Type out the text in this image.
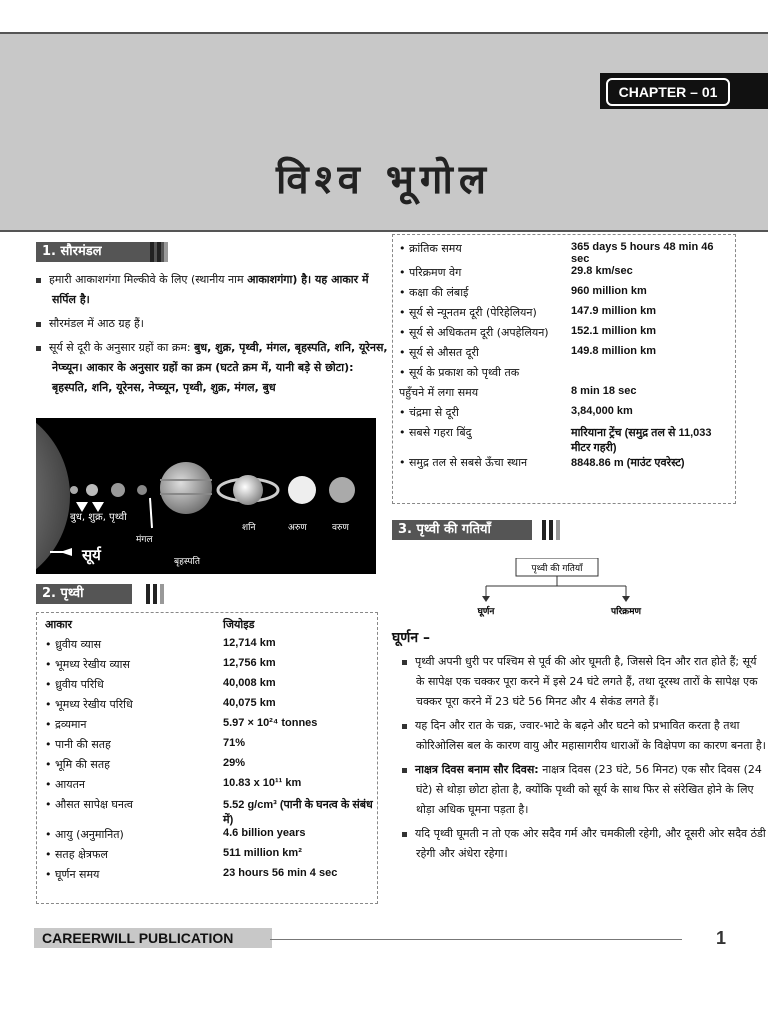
CHAPTER – 01
विश्व भूगोल
1. सौरमंडल

हमारी आकाशगंगा मिल्कीवे के लिए (स्थानीय नाम आकाशगंगा) है। यह आकार में सर्पिल है।

सौरमंडल में आठ ग्रह हैं।

सूर्य से दूरी के अनुसार ग्रहों का क्रम: बुध, शुक्र, पृथ्वी, मंगल, बृहस्पति, शनि, यूरेनस, नेप्च्यून। आकार के अनुसार ग्रहों का क्रम (घटते क्रम में, यानी बड़े से छोटा): बृहस्पति, शनि, यूरेनस, नेप्च्यून, पृथ्वी, शुक्र, मंगल, बुध

बुध, शुक्र, पृथ्वी
मंगल
सूर्य	बृहस्पति
शनि	अरुण	वरुण
2. पृथ्वी
आकार	जियोइड
• ध्रुवीय व्यास	12,714 km
• भूमध्य रेखीय व्यास	12,756 km
• ध्रुवीय परिधि	40,008 km
• भूमध्य रेखीय परिधि	40,075 km
• द्रव्यमान	5.97 × 10²⁴ tonnes
• पानी की सतह	71%
• भूमि की सतह	29%
• आयतन	10.83 x 10¹¹ km
• औसत सापेक्ष घनत्व	5.52 g/cm³ (पानी के घनत्व के संबंध में)
• आयु (अनुमानित)	4.6 billion years
• सतह क्षेत्रफल	511 million km²
• घूर्णन समय	23 hours 56 min 4 sec
• क्रांतिक समय	365 days 5 hours 48 min 46 sec
• परिक्रमण वेग	29.8 km/sec
• कक्षा की लंबाई	960 million km
• सूर्य से न्यूनतम दूरी (पेरिहेलियन)	147.9 million km
• सूर्य से अधिकतम दूरी (अपहेलियन)	152.1 million km
• सूर्य से औसत दूरी	149.8 million km
• सूर्य के प्रकाश को पृथ्वी तक	
पहुँचने में लगा समय	8 min 18 sec
• चंद्रमा से दूरी	3,84,000 km
• सबसे गहरा बिंदु	मारियाना ट्रेंच (समुद्र तल से 11,033 मीटर गहरी)
• समुद्र तल से सबसे ऊँचा स्थान	8848.86 m (माउंट एवरेस्ट)
3. पृथ्वी की गतियाँ
पृथ्वी की गतियाँ
घूर्णन	परिक्रमण
घूर्णन –

पृथ्वी अपनी धुरी पर पश्चिम से पूर्व की ओर घूमती है, जिससे दिन और रात होते हैं; सूर्य के सापेक्ष एक चक्कर पूरा करने में इसे 24 घंटे लगते हैं, तथा दूरस्थ तारों के सापेक्ष एक चक्कर पूरा करने में 23 घंटे 56 मिनट और 4 सेकंड लगते हैं।

यह दिन और रात के चक्र, ज्वार-भाटे के बढ़ने और घटने को प्रभावित करता है तथा कोरिओलिस बल के कारण वायु और महासागरीय धाराओं के विक्षेपण का कारण बनता है।

नाक्षत्र दिवस बनाम सौर दिवस: नाक्षत्र दिवस (23 घंटे, 56 मिनट) एक सौर दिवस (24 घंटे) से थोड़ा छोटा होता है, क्योंकि पृथ्वी को सूर्य के साथ फिर से संरेखित होने के लिए थोड़ा अधिक घूमना पड़ता है।

यदि पृथ्वी घूमती न तो एक ओर सदैव गर्म और चमकीली रहेगी, और दूसरी ओर सदैव ठंडी रहेगी और अंधेरा रहेगा।

CAREERWILL PUBLICATION	1
